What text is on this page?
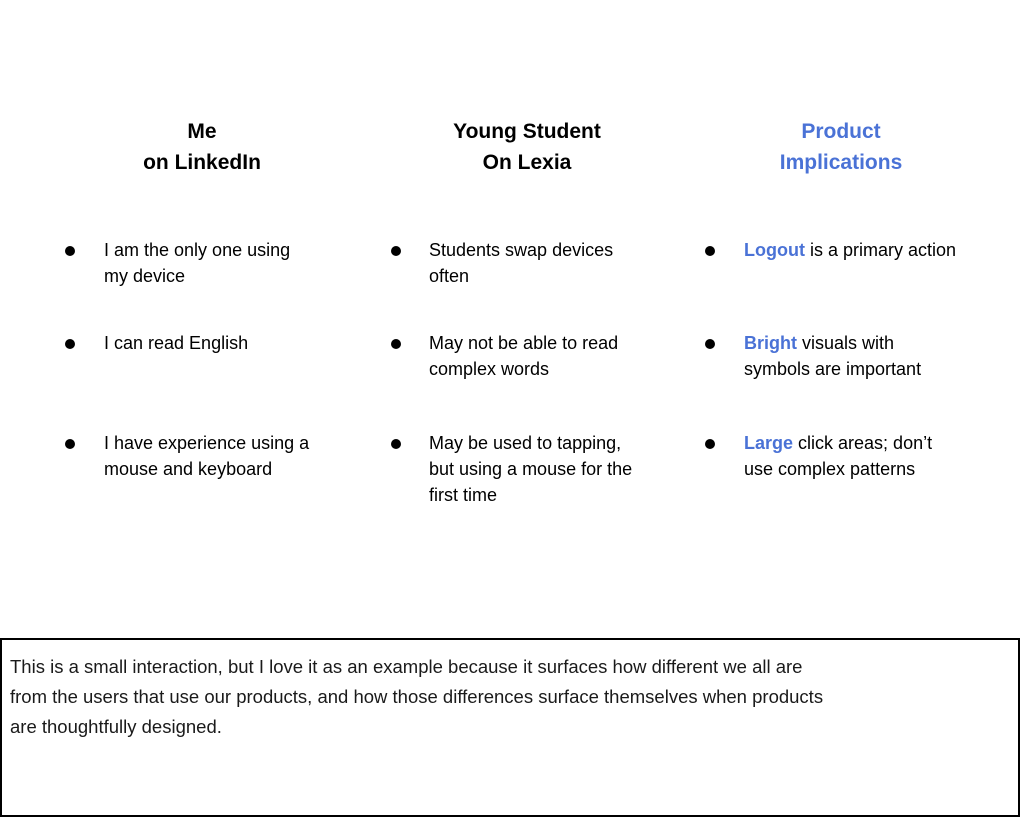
Me
on LinkedIn
Young Student
On Lexia
Product
Implications
I am the only one using
my device
I can read English
I have experience using a
mouse and keyboard
Students swap devices
often
May not be able to read
complex words
May be used to tapping,
but using a mouse for the
first time
Logout is a primary action
Bright visuals with
symbols are important
Large click areas; don’t
use complex patterns
This is a small interaction, but I love it as an example because it surfaces how different we all are
from the users that use our products, and how those differences surface themselves when products
are thoughtfully designed.
